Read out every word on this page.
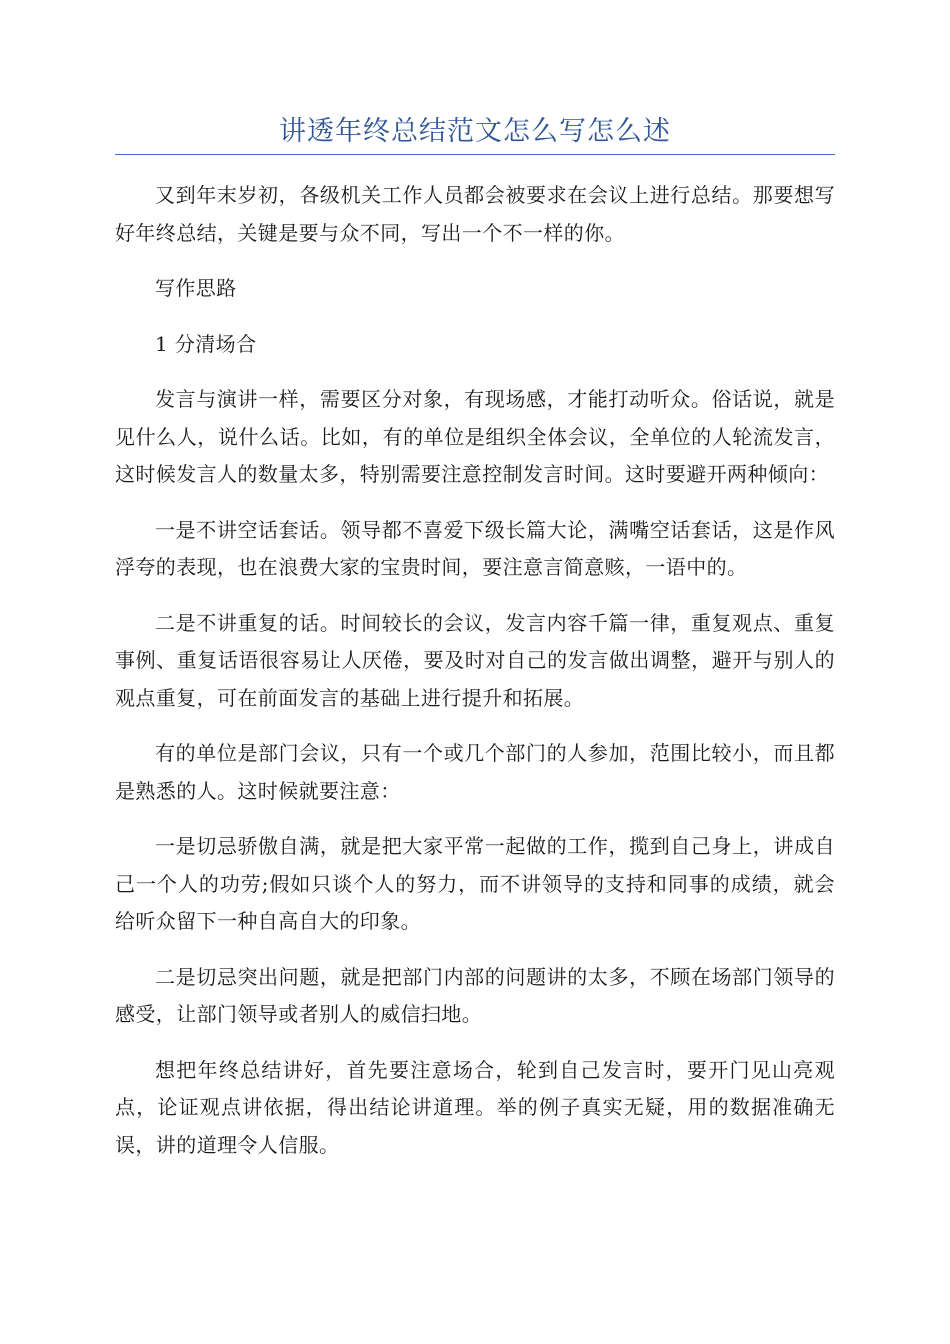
讲透年终总结范文怎么写怎么述

又到年末岁初，各级机关工作人员都会被要求在会议上进行总结。那要想写好年终总结，关键是要与众不同，写出一个不一样的你。

写作思路

1 分清场合

发言与演讲一样，需要区分对象，有现场感，才能打动听众。俗话说，就是见什么人，说什么话。比如，有的单位是组织全体会议，全单位的人轮流发言，这时候发言人的数量太多，特别需要注意控制发言时间。这时要避开两种倾向：

一是不讲空话套话。领导都不喜爱下级长篇大论，满嘴空话套话，这是作风浮夸的表现，也在浪费大家的宝贵时间，要注意言简意赅，一语中的。

二是不讲重复的话。时间较长的会议，发言内容千篇一律，重复观点、重复事例、重复话语很容易让人厌倦，要及时对自己的发言做出调整，避开与别人的观点重复，可在前面发言的基础上进行提升和拓展。

有的单位是部门会议，只有一个或几个部门的人参加，范围比较小，而且都是熟悉的人。这时候就要注意：

一是切忌骄傲自满，就是把大家平常一起做的工作，揽到自己身上，讲成自己一个人的功劳;假如只谈个人的努力，而不讲领导的支持和同事的成绩，就会给听众留下一种自高自大的印象。

二是切忌突出问题，就是把部门内部的问题讲的太多，不顾在场部门领导的感受，让部门领导或者别人的威信扫地。

想把年终总结讲好，首先要注意场合，轮到自己发言时，要开门见山亮观点，论证观点讲依据，得出结论讲道理。举的例子真实无疑，用的数据准确无误，讲的道理令人信服。
